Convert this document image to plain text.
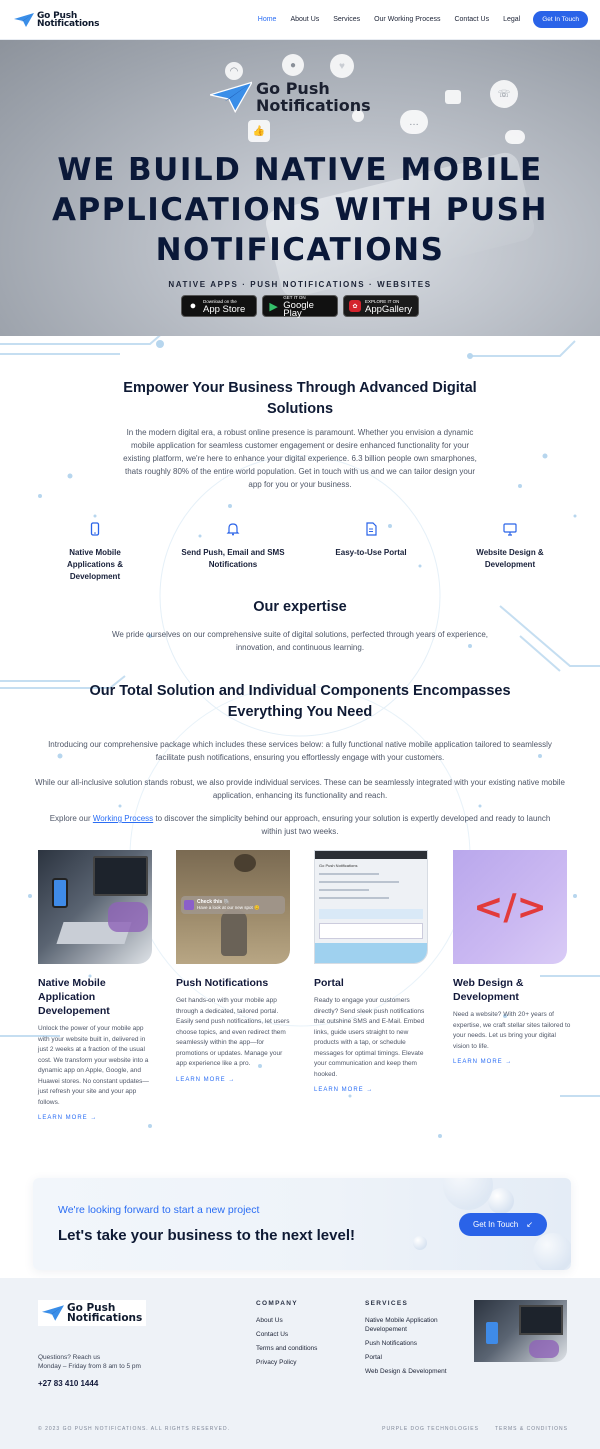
Go Push
Notifications	Home	About Us	Services	Our Working Process	Contact Us	Legal	Get In Touch
◠
●	♥
☏
…
👍
Go Push
Notifications
WE BUILD NATIVE MOBILE
APPLICATIONS WITH PUSH
NOTIFICATIONS
NATIVE APPS · PUSH NOTIFICATIONS · WEBSITES
●	Download on the
App Store ▶
GET IT ON
Google Play
✿
EXPLORE IT ON
AppGallery
Empower Your Business Through Advanced Digital
Solutions
In the modern digital era, a robust online presence is paramount. Whether you envision a dynamic mobile application for seamless customer engagement or desire enhanced functionality for your existing platform, we're here to enhance your digital experience. 6.3 billion people own smarphones, thats roughly 80% of the entire world population. Get in touch with us and we can tailor design your app for you or your business.
Native Mobile Applications & Development
Send Push, Email and SMS Notifications
Easy-to-Use Portal	Website Design & Development
Our expertise
We pride ourselves on our comprehensive suite of digital solutions, perfected through years of experience, innovation, and continuous learning.
Our Total Solution and Individual Components Encompasses
Everything You Need
Introducing our comprehensive package which includes these services below: a fully functional native mobile application tailored to seamlessly facilitate push notifications, ensuring you effortlessly engage with your customers.
While our all-inclusive solution stands robust, we also provide individual services. These can be seamlessly integrated with your existing native mobile application, enhancing its functionality and reach.
Explore our Working Process to discover the simplicity behind our approach, ensuring your solution is expertly developed and ready to launch within just two weeks.
Native Mobile Application Developement
Unlock the power of your mobile app with your website built in, delivered in just 2 weeks at a fraction of the usual cost. We transform your website into a dynamic app on Apple, Google, and Huawei stores. No constant updates—just refresh your site and your app follows.
LEARN MORE →
Check this 🐘
Have a look at our new spot 😊
Push Notifications
Get hands-on with your mobile app through a dedicated, tailored portal. Easily send push notifications, let users choose topics, and even redirect them seamlessly within the app—for promotions or updates. Manage your app experience like a pro.
LEARN MORE →
Go Push Notifications
Portal
Ready to engage your customers directly? Send sleek push notifications that outshine SMS and E-Mail. Embed links, guide users straight to new products with a tap, or schedule messages for optimal timings. Elevate your communication and keep them hooked.
LEARN MORE →
</>
Web Design & Development
Need a website? With 20+ years of expertise, we craft stellar sites tailored to your needs. Let us bring your digital vision to life.
LEARN MORE →
We're looking forward to start a new project
Let's take your business to the next level!
Get In Touch ↙
Go Push
Notifications
Questions? Reach us
Monday – Friday from 8 am to 5 pm
+27 83 410 1444
COMPANY
About Us
Contact Us
Terms and conditions
Privacy Policy
SERVICES
Native Mobile Application Developement
Push Notifications
Portal
Web Design & Development
© 2023 GO PUSH NOTIFICATIONS. ALL RIGHTS RESERVED.	PURPLE DOG TECHNOLOGIES	TERMS & CONDITIONS
